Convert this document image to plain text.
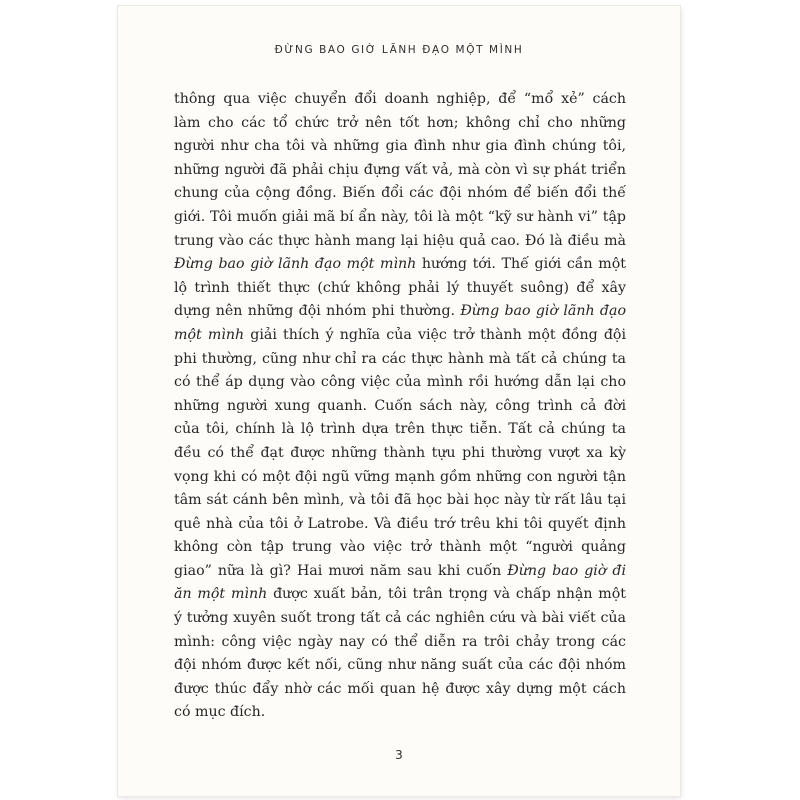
ĐỪNG BAO GIỜ LÃNH ĐẠO MỘT MÌNH
thông qua việc chuyển đổi doanh nghiệp, để “mổ xẻ” cách
làm cho các tổ chức trở nên tốt hơn; không chỉ cho những
người như cha tôi và những gia đình như gia đình chúng tôi,
những người đã phải chịu đựng vất vả, mà còn vì sự phát triển
chung của cộng đồng. Biến đổi các đội nhóm để biến đổi thế
giới. Tôi muốn giải mã bí ẩn này, tôi là một “kỹ sư hành vi” tập
trung vào các thực hành mang lại hiệu quả cao. Đó là điều mà
Đừng bao giờ lãnh đạo một mình hướng tới. Thế giới cần một
lộ trình thiết thực (chứ không phải lý thuyết suông) để xây
dựng nên những đội nhóm phi thường. Đừng bao giờ lãnh đạo
một mình giải thích ý nghĩa của việc trở thành một đồng đội
phi thường, cũng như chỉ ra các thực hành mà tất cả chúng ta
có thể áp dụng vào công việc của mình rồi hướng dẫn lại cho
những người xung quanh. Cuốn sách này, công trình cả đời
của tôi, chính là lộ trình dựa trên thực tiễn. Tất cả chúng ta
đều có thể đạt được những thành tựu phi thường vượt xa kỳ
vọng khi có một đội ngũ vững mạnh gồm những con người tận
tâm sát cánh bên mình, và tôi đã học bài học này từ rất lâu tại
quê nhà của tôi ở Latrobe. Và điều trớ trêu khi tôi quyết định
không còn tập trung vào việc trở thành một “người quảng
giao” nữa là gì? Hai mươi năm sau khi cuốn Đừng bao giờ đi
ăn một mình được xuất bản, tôi trân trọng và chấp nhận một
ý tưởng xuyên suốt trong tất cả các nghiên cứu và bài viết của
mình: công việc ngày nay có thể diễn ra trôi chảy trong các
đội nhóm được kết nối, cũng như năng suất của các đội nhóm
được thúc đẩy nhờ các mối quan hệ được xây dựng một cách
có mục đích.
3
